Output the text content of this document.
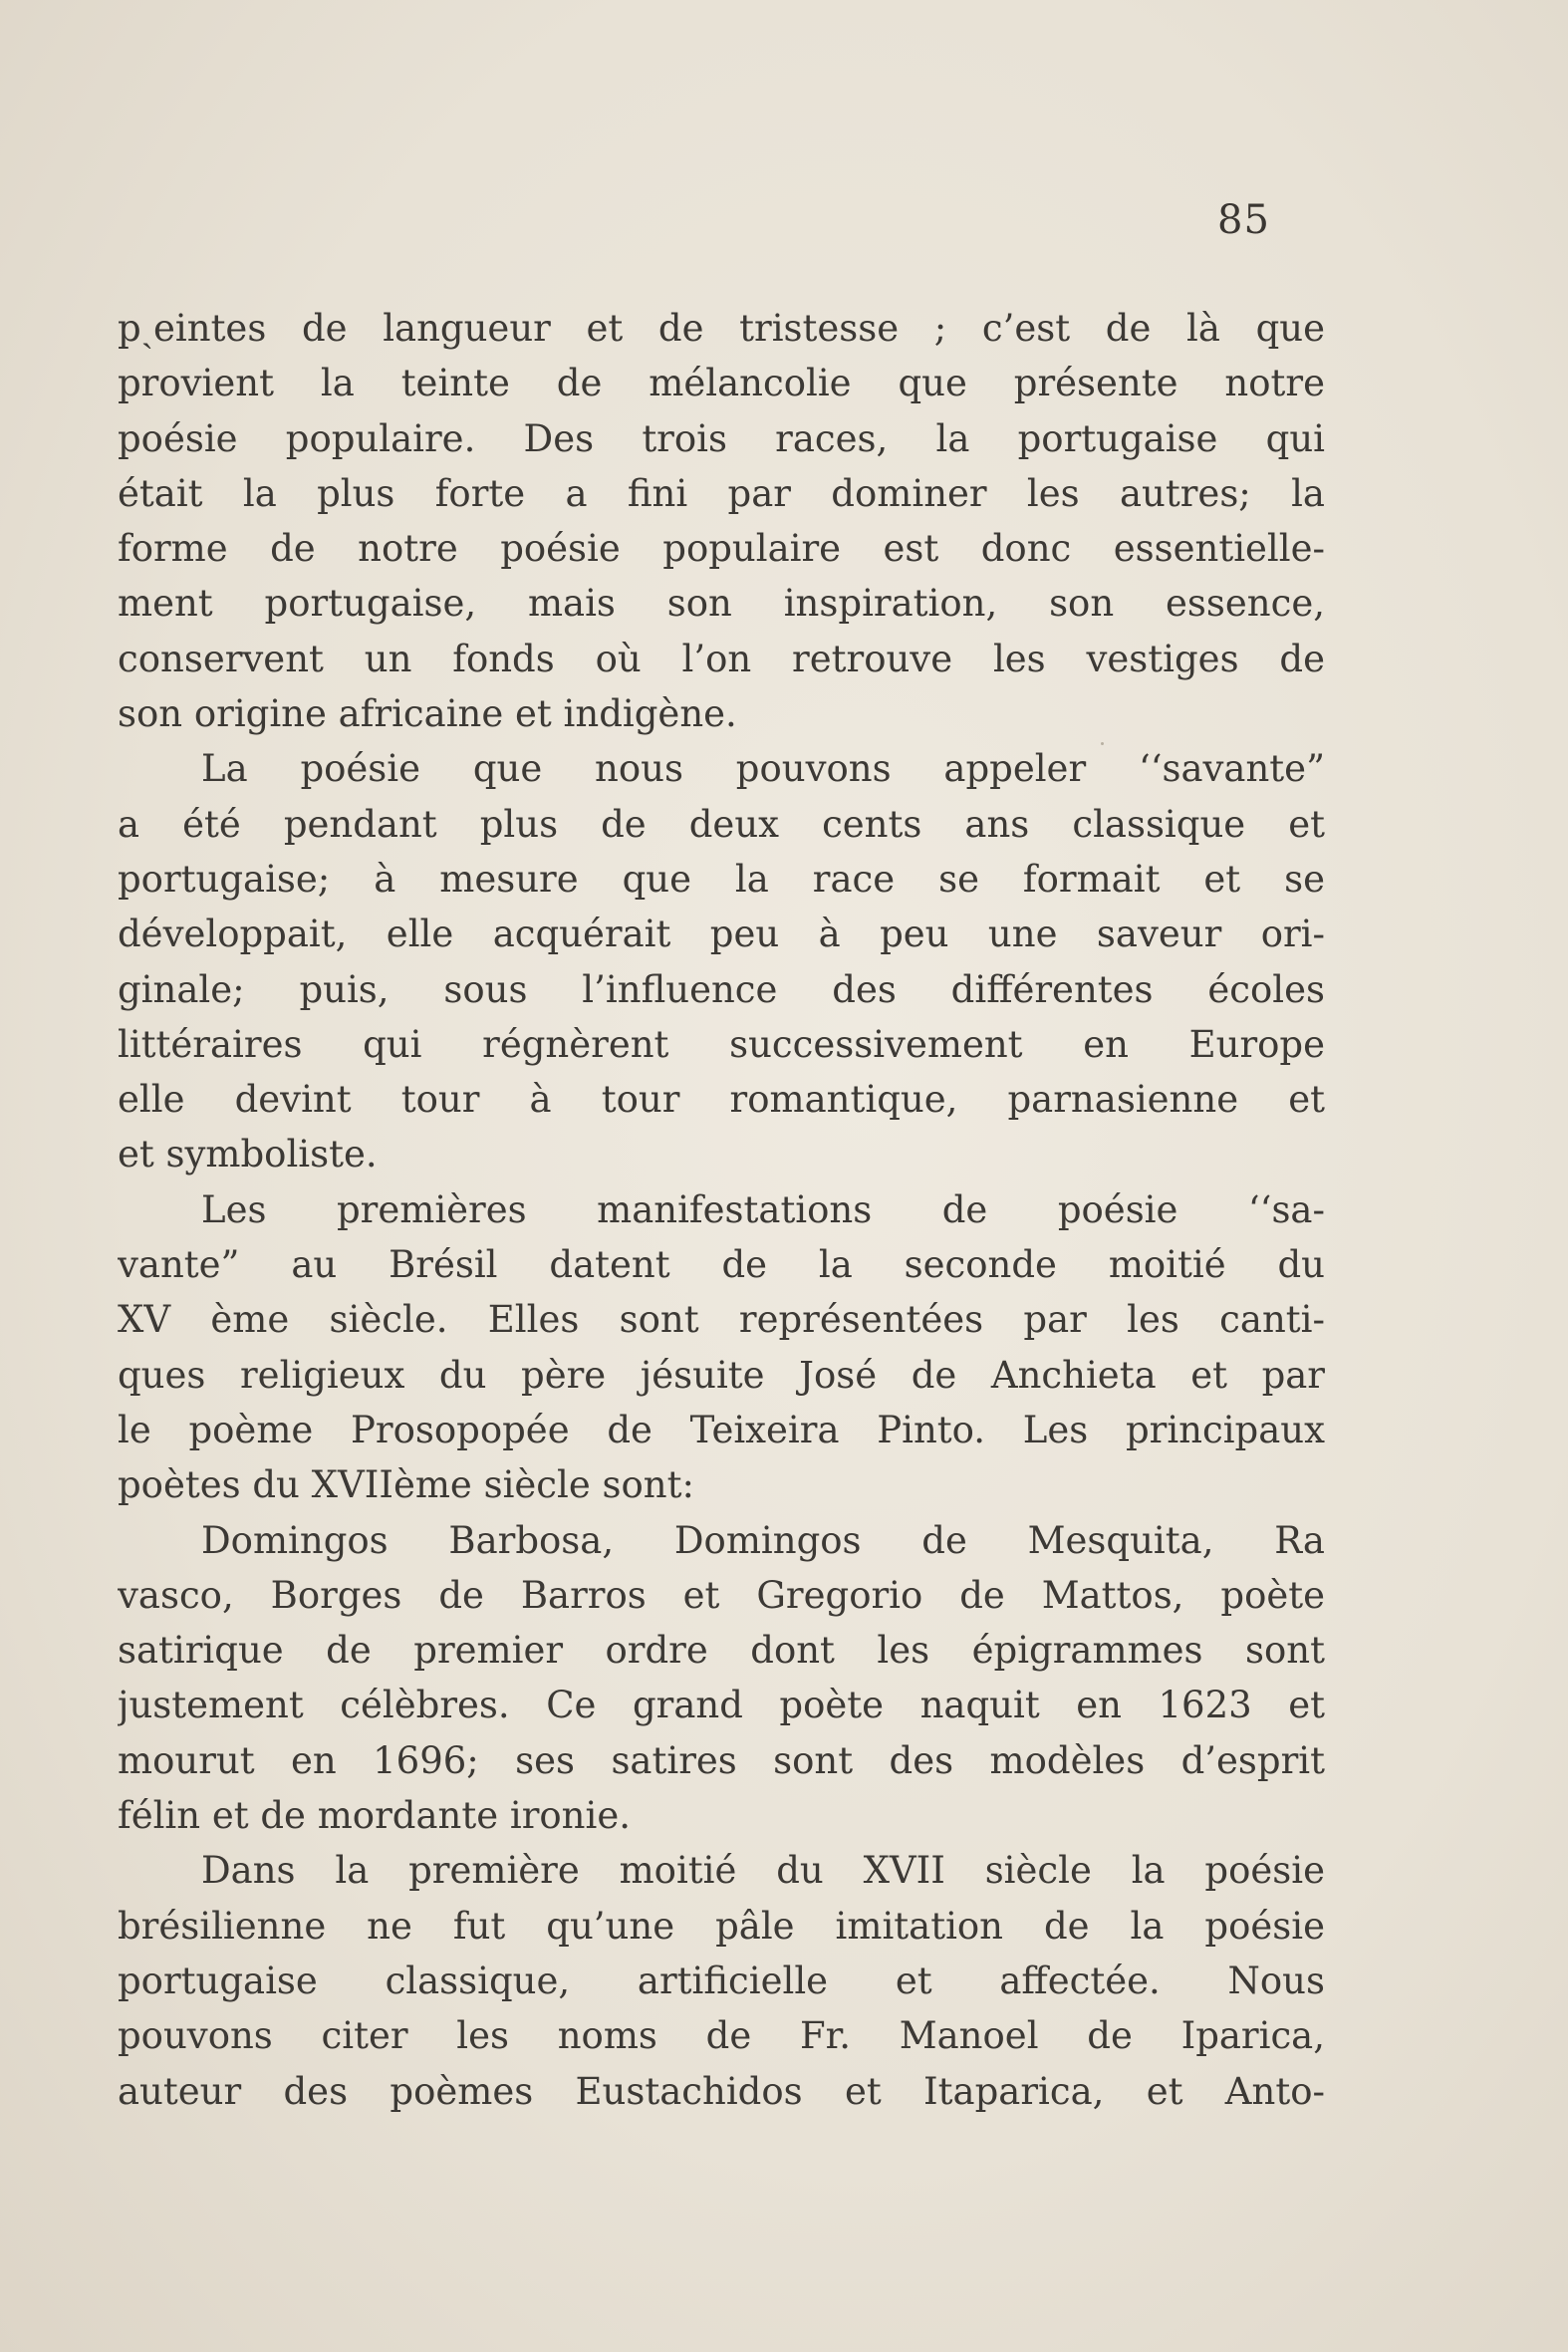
85
pˎeintes de langueur et de tristesse ; c’est de là que
provient la teinte de mélancolie que présente notre
poésie populaire. Des trois races, la portugaise qui
était la plus forte a fini par dominer les autres; la
forme de notre poésie populaire est donc essentielle-
ment portugaise, mais son inspiration, son essence,
conservent un fonds où l’on retrouve les vestiges de
son origine africaine et indigène.
La poésie que nous pouvons appeler ‘‘savante”
a été pendant plus de deux cents ans classique et
portugaise; à mesure que la race se formait et se
développait, elle acquérait peu à peu une saveur ori-
ginale; puis, sous l’influence des différentes écoles
littéraires qui régnèrent successivement en Europe
elle devint tour à tour romantique, parnasienne et
et symboliste.
Les premières manifestations de poésie ‘‘sa-
vante” au Brésil datent de la seconde moitié du
XV ème siècle. Elles sont représentées par les canti-
ques religieux du père jésuite José de Anchieta et par
le poème Prosopopée de Teixeira Pinto. Les principaux
poètes du XVIIème siècle sont:
Domingos Barbosa, Domingos de Mesquita, Ra
vasco, Borges de Barros et Gregorio de Mattos, poète
satirique de premier ordre dont les épigrammes sont
justement célèbres. Ce grand poète naquit en 1623 et
mourut en 1696; ses satires sont des modèles d’esprit
félin et de mordante ironie.
Dans la première moitié du XVII siècle la poésie
brésilienne ne fut qu’une pâle imitation de la poésie
portugaise classique, artificielle et affectée. Nous
pouvons citer les noms de Fr. Manoel de Iparica,
auteur des poèmes Eustachidos et Itaparica, et Anto-
